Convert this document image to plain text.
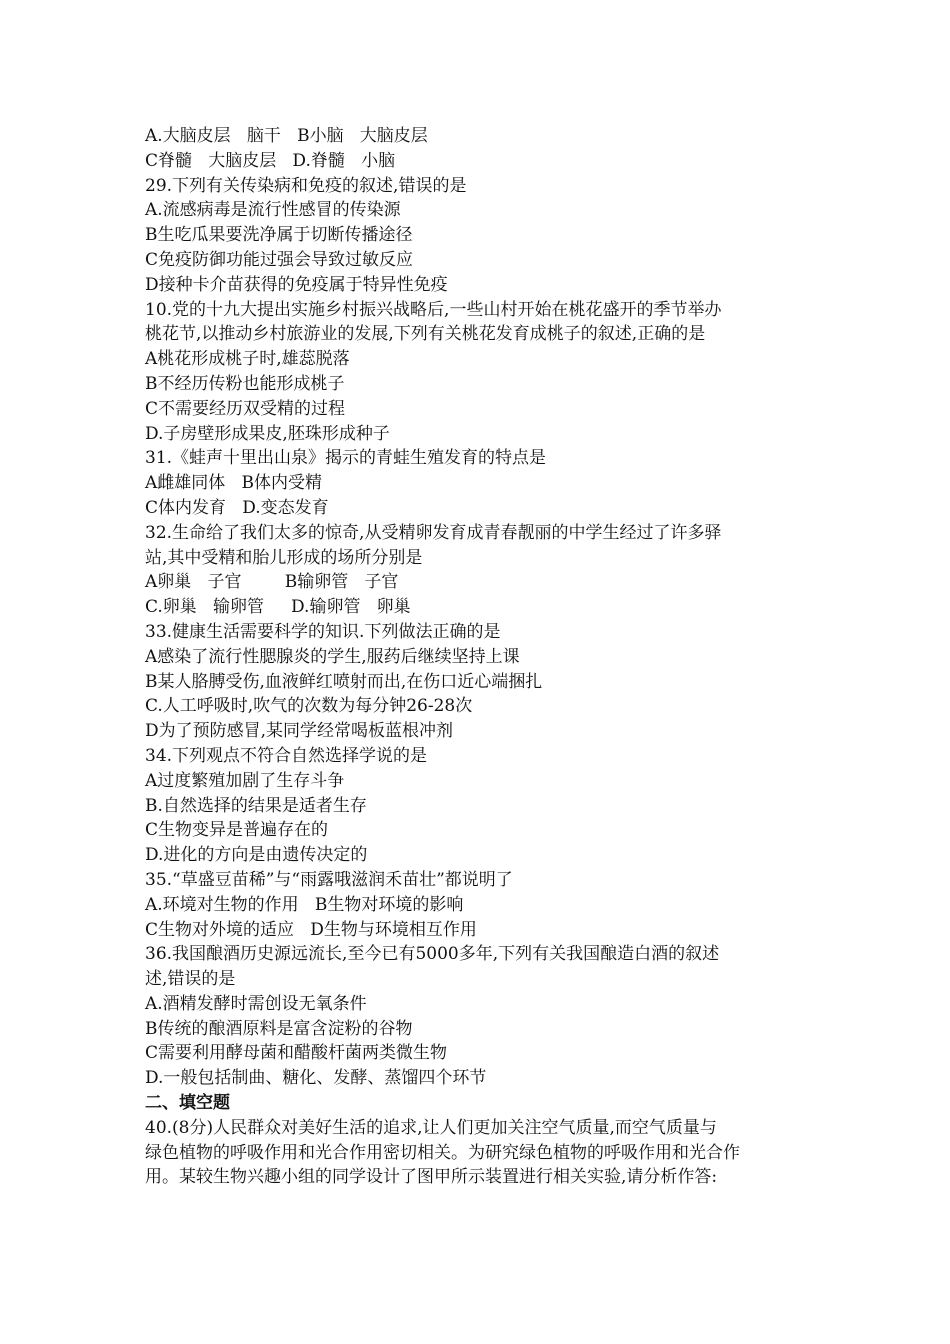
A.大脑皮层   脑干   B小脑   大脑皮层
C脊髓   大脑皮层   D.脊髓   小脑
29.下列有关传染病和免疫的叙述,错误的是
A.流感病毒是流行性感冒的传染源
B生吃瓜果要洗净属于切断传播途径
C免疫防御功能过强会导致过敏反应
D接种卡介苗获得的免疫属于特异性免疫
10.党的十九大提出实施乡村振兴战略后,一些山村开始在桃花盛开的季节举办
桃花节,以推动乡村旅游业的发展,下列有关桃花发育成桃子的叙述,正确的是
A桃花形成桃子时,雄蕊脱落
B不经历传粉也能形成桃子
C不需要经历双受精的过程
D.子房壁形成果皮,胚珠形成种子
31.《蛙声十里出山泉》揭示的青蛙生殖发育的特点是
A雌雄同体   B体内受精
C体内发育   D.变态发育
32.生命给了我们太多的惊奇,从受精卵发育成青春靓丽的中学生经过了许多驿
站,其中受精和胎儿形成的场所分别是
A卵巢   子官        B输卵管   子官
C.卵巢   输卵管     D.输卵管   卵巢
33.健康生活需要科学的知识.下列做法正确的是
A感染了流行性腮腺炎的学生,服药后继续坚持上课
B某人胳膊受伤,血液鲜红喷射而出,在伤口近心端捆扎
C.人工呼吸时,吹气的次数为每分钟26-28次
D为了预防感冒,某同学经常喝板蓝根冲剂
34.下列观点不符合自然选择学说的是
A过度繁殖加剧了生存斗争
B.自然选择的结果是适者生存
C生物变异是普遍存在的
D.进化的方向是由遗传决定的
35.“草盛豆苗稀”与“雨露哦滋润禾苗壮”都说明了
A.环境对生物的作用   B生物对环境的影响
C生物对外境的适应   D生物与环境相互作用
36.我国酿酒历史源远流长,至今已有5000多年,下列有关我国酿造白酒的叙述
述,错误的是
A.酒精发酵时需创设无氧条件
B传统的酿酒原料是富含淀粉的谷物
C需要利用酵母菌和醋酸杆菌两类微生物
D.一般包括制曲、糖化、发酵、蒸馏四个环节
二、填空题
40.(8分)人民群众对美好生活的追求,让人们更加关注空气质量,而空气质量与
绿色植物的呼吸作用和光合作用密切相关。为研究绿色植物的呼吸作用和光合作
用。某较生物兴趣小组的同学设计了图甲所示装置进行相关实验,请分析作答:
